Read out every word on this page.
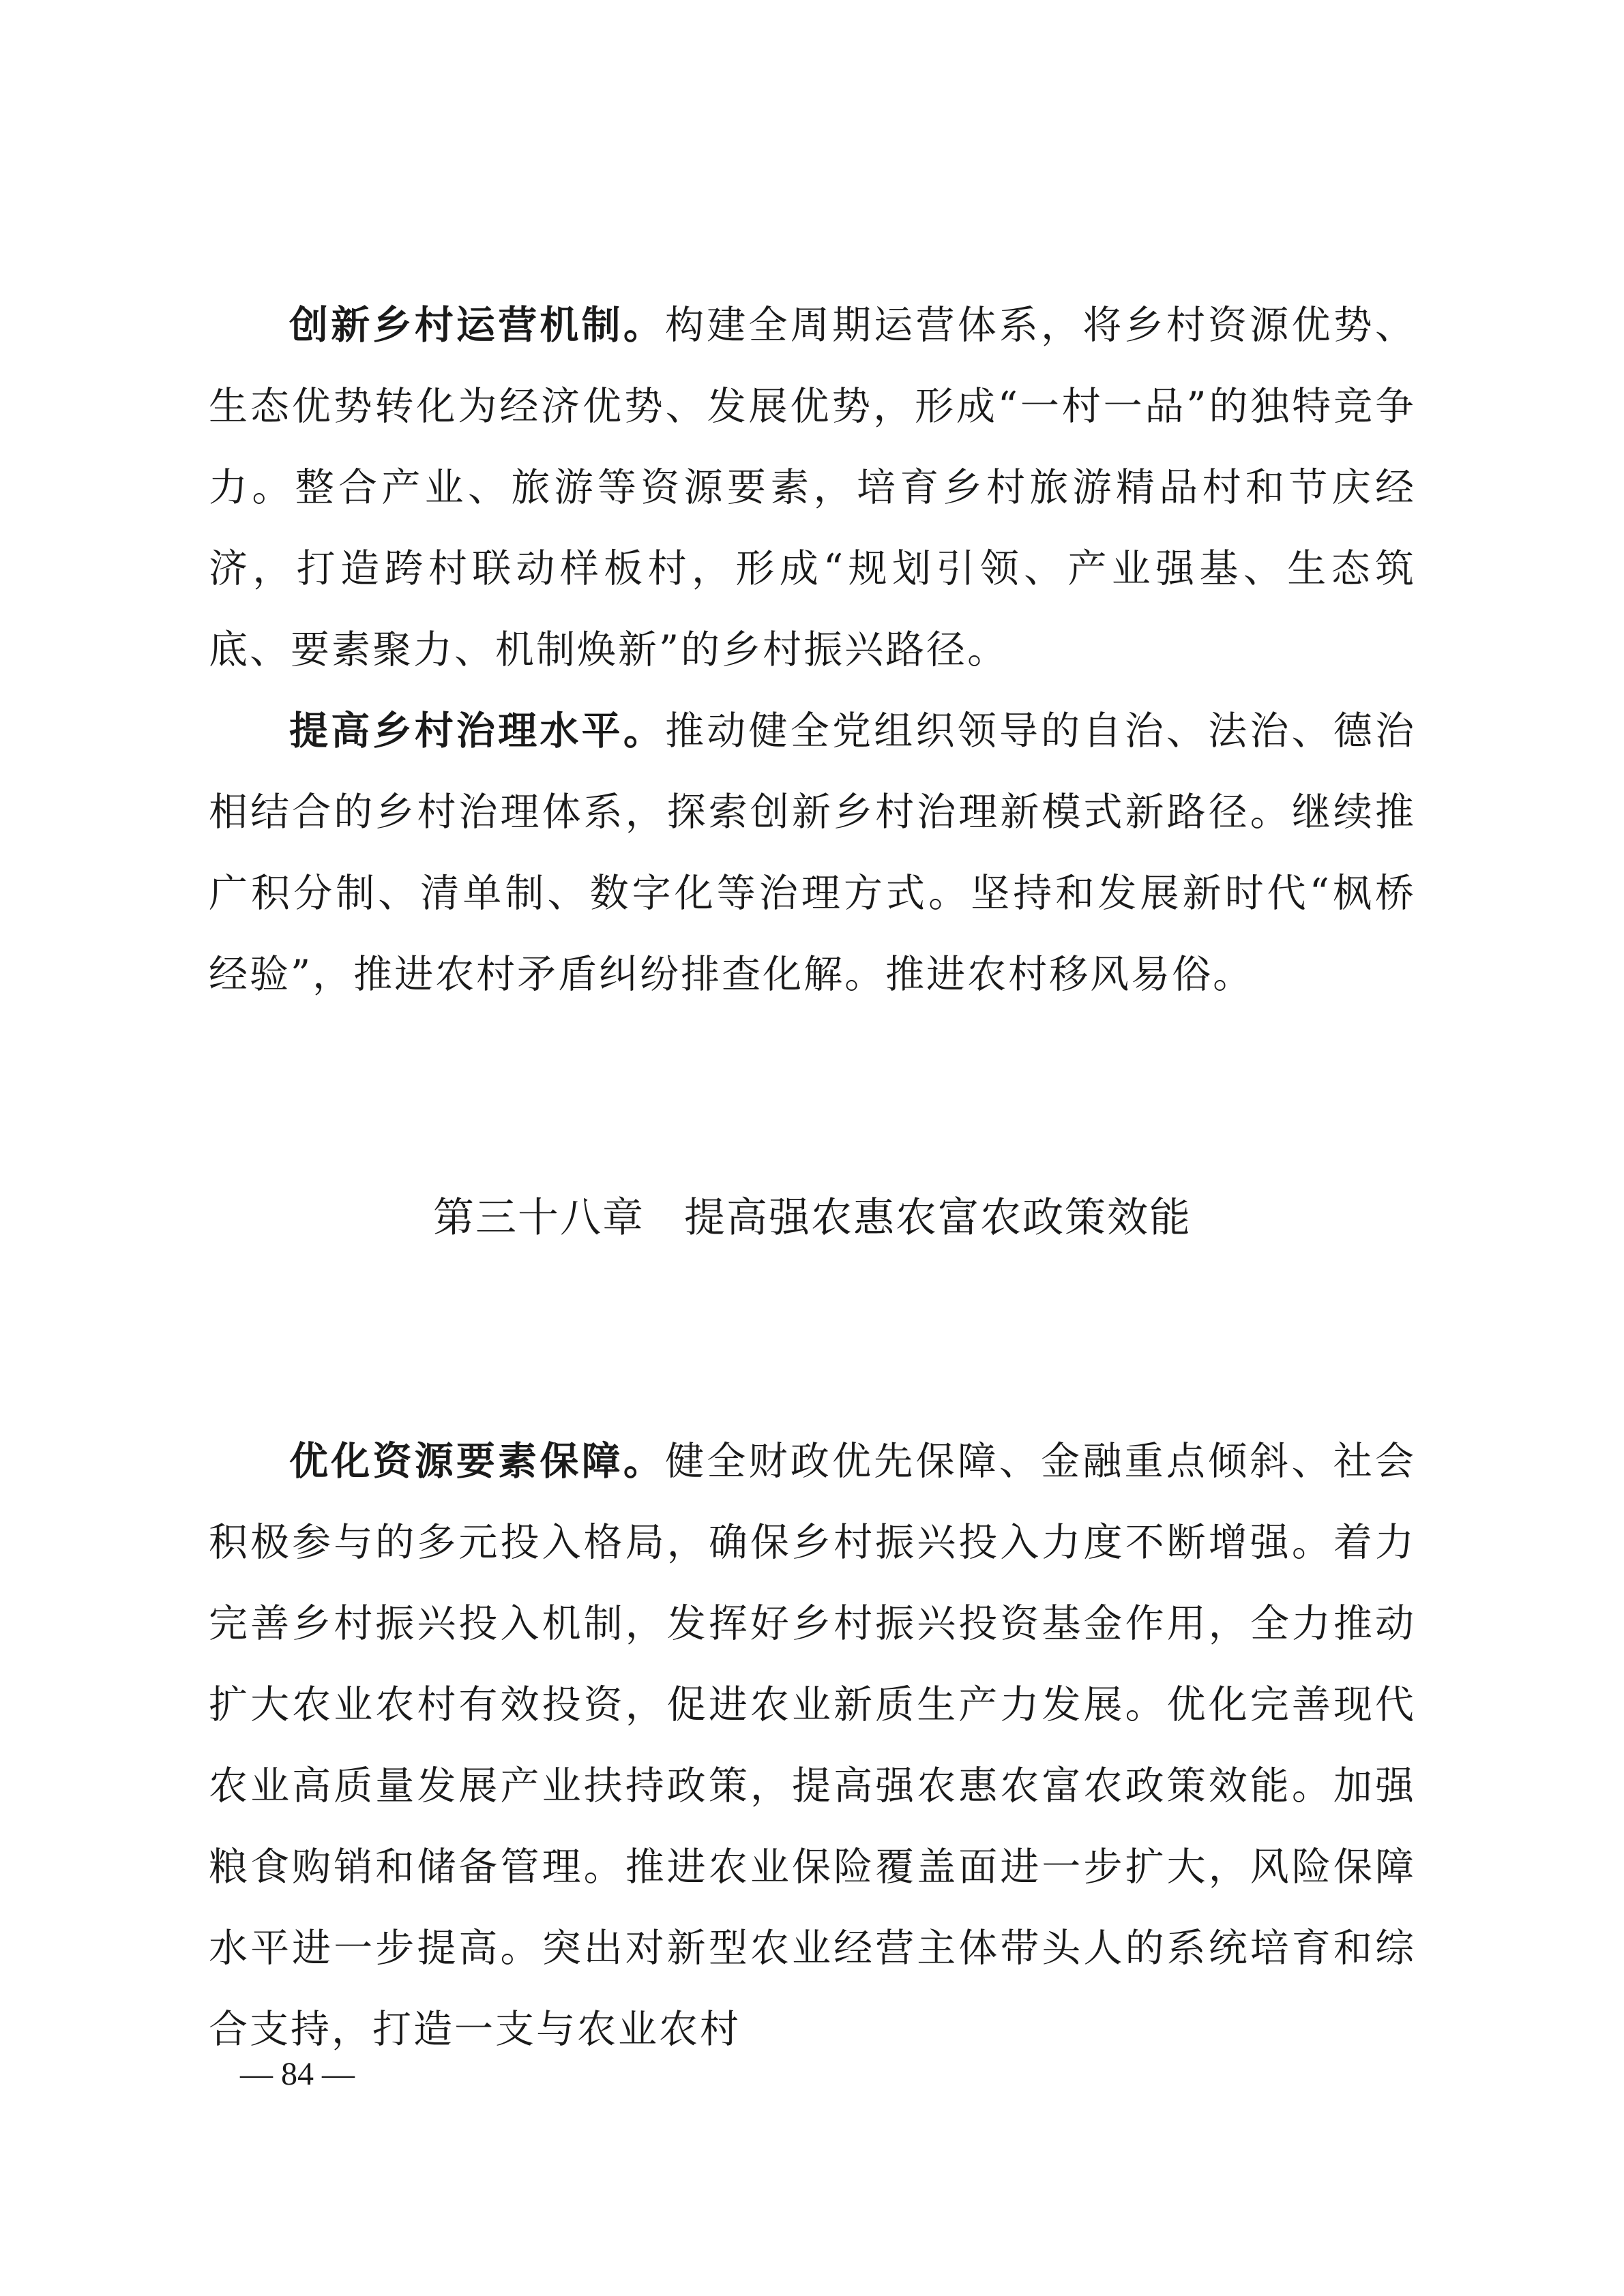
创新乡村运营机制。构建全周期运营体系，将乡村资源优势、生态优势转化为经济优势、发展优势，形成“一村一品”的独特竞争力。整合产业、旅游等资源要素，培育乡村旅游精品村和节庆经济，打造跨村联动样板村，形成“规划引领、产业强基、生态筑底、要素聚力、机制焕新”的乡村振兴路径。

提高乡村治理水平。推动健全党组织领导的自治、法治、德治相结合的乡村治理体系，探索创新乡村治理新模式新路径。继续推广积分制、清单制、数字化等治理方式。坚持和发展新时代“枫桥经验”，推进农村矛盾纠纷排查化解。推进农村移风易俗。

第三十八章 提高强农惠农富农政策效能

优化资源要素保障。健全财政优先保障、金融重点倾斜、社会积极参与的多元投入格局，确保乡村振兴投入力度不断增强。着力完善乡村振兴投入机制，发挥好乡村振兴投资基金作用，全力推动扩大农业农村有效投资，促进农业新质生产力发展。优化完善现代农业高质量发展产业扶持政策，提高强农惠农富农政策效能。加强粮食购销和储备管理。推进农业保险覆盖面进一步扩大，风险保障水平进一步提高。突出对新型农业经营主体带头人的系统培育和综合支持，打造一支与农业农村

— 84 —
